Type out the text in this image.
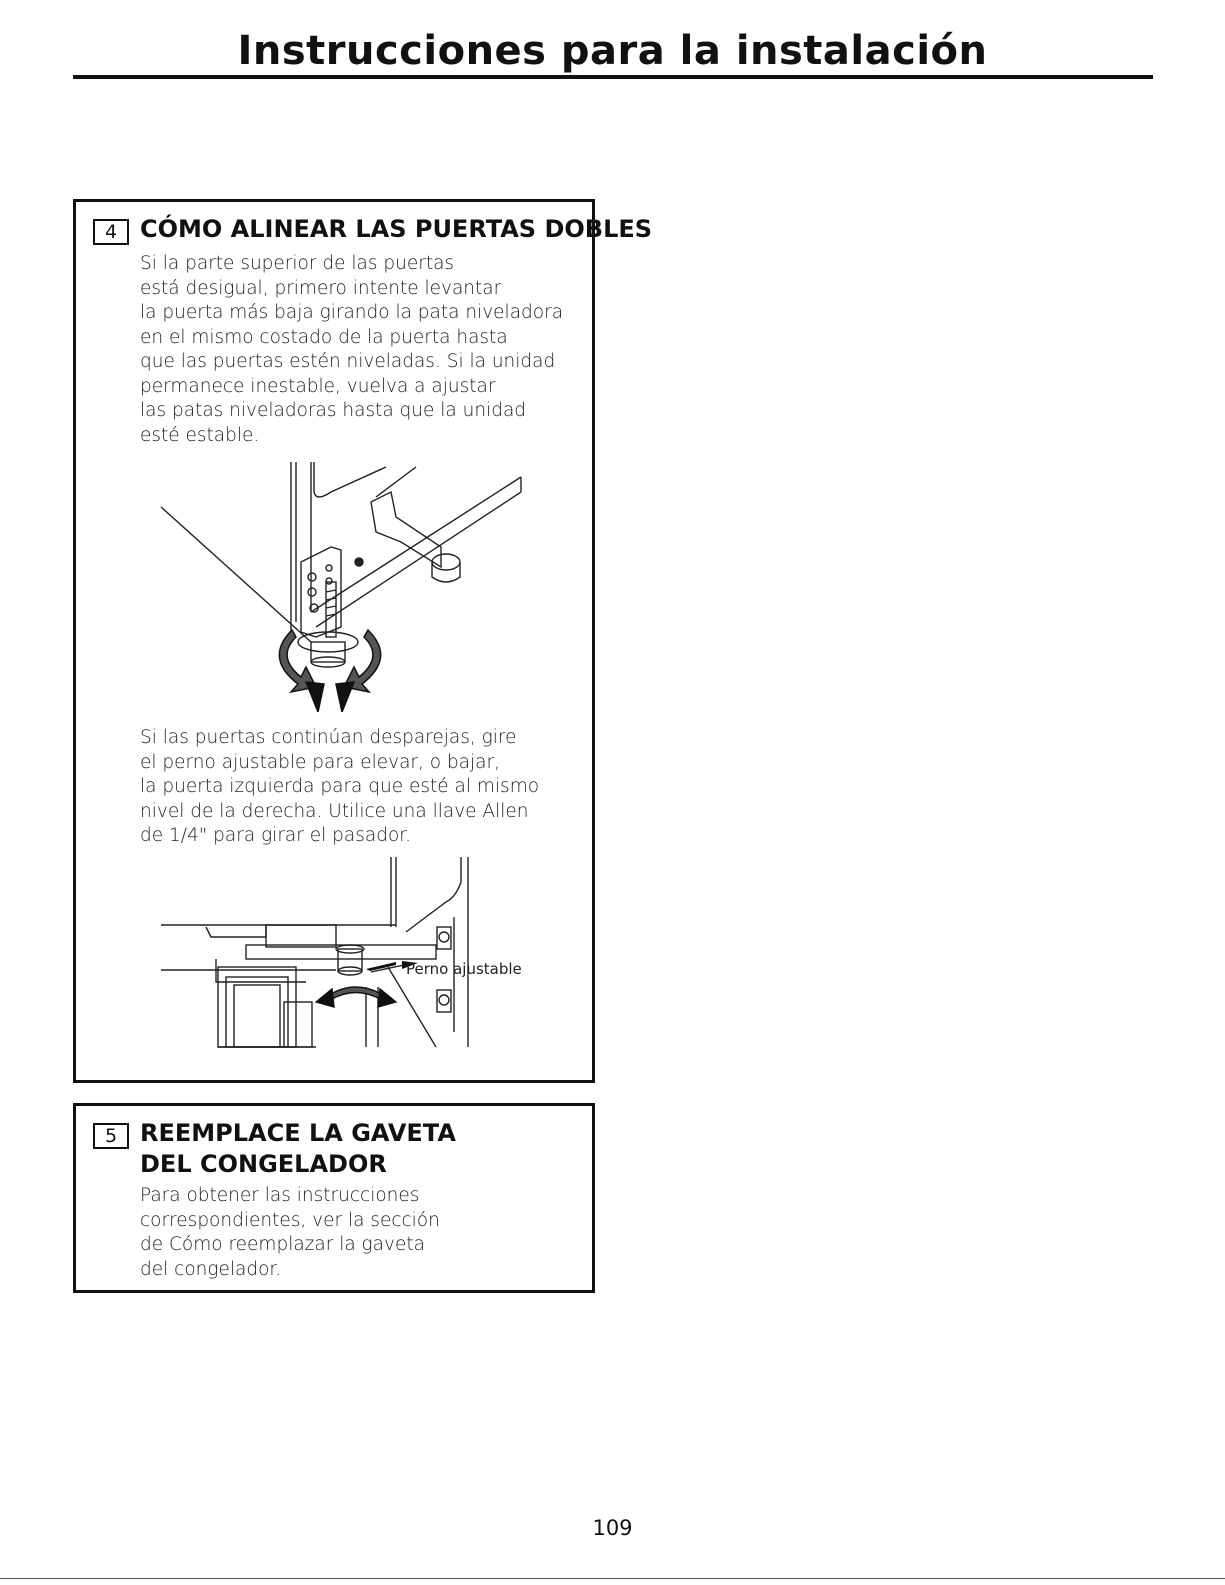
Instrucciones para la instalación
4 CÓMO ALINEAR LAS PUERTAS DOBLES
Si la parte superior de las puertas
está desigual, primero intente levantar
la puerta más baja girando la pata niveladora
en el mismo costado de la puerta hasta
que las puertas estén niveladas. Si la unidad
permanece inestable, vuelva a ajustar
las patas niveladoras hasta que la unidad
esté estable.
Si las puertas continúan desparejas, gire
el perno ajustable para elevar, o bajar,
la puerta izquierda para que esté al mismo
nivel de la derecha. Utilice una llave Allen
de 1/4" para girar el pasador.
Perno ajustable
5 REEMPLACE LA GAVETA
DEL CONGELADOR
Para obtener las instrucciones
correspondientes, ver la sección
de Cómo reemplazar la gaveta
del congelador.
109
